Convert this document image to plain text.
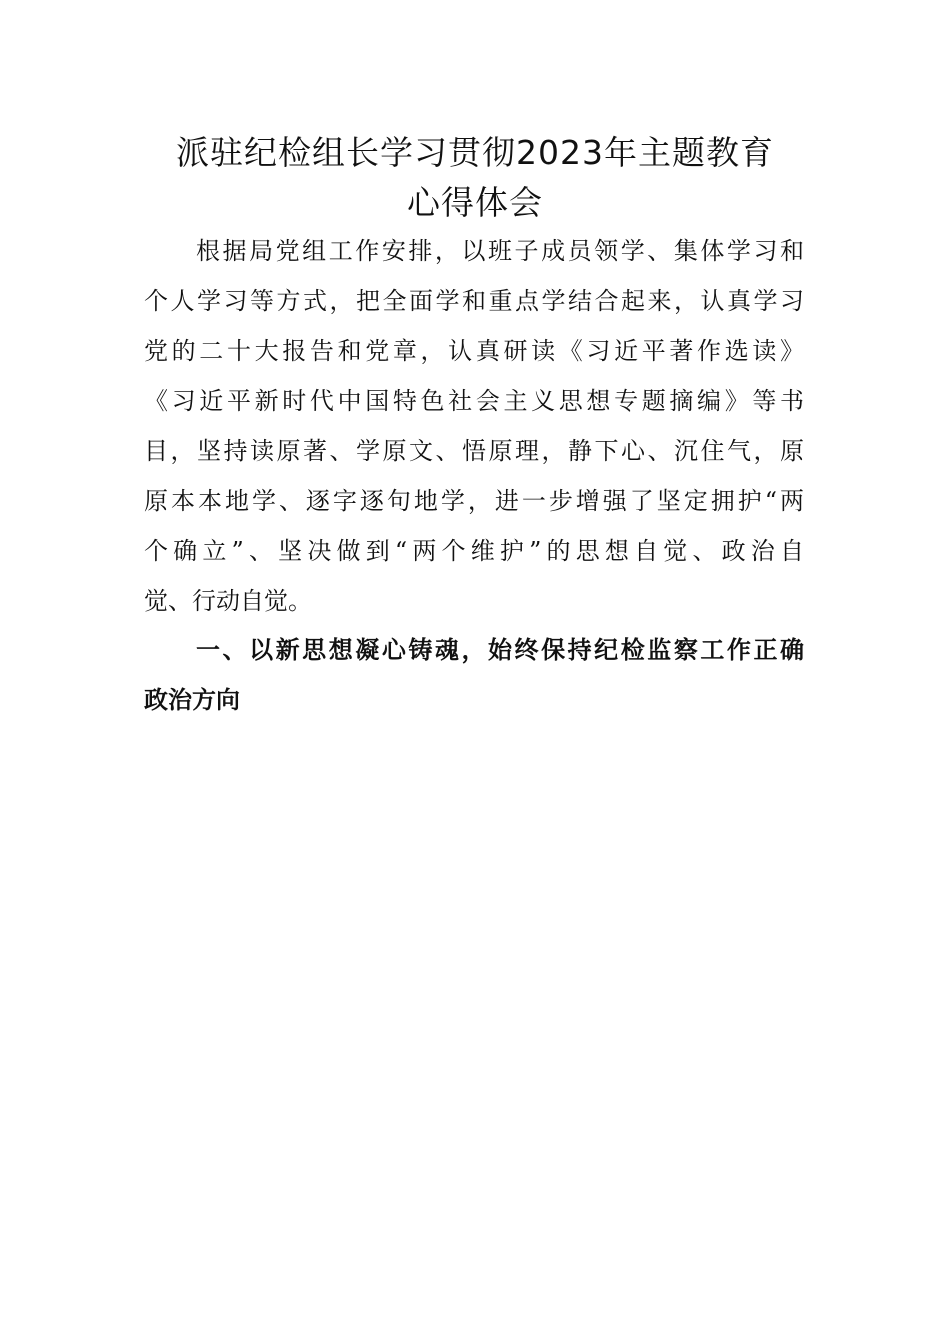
派驻纪检组长学习贯彻2023年主题教育
心得体会
根据局党组工作安排，以班子成员领学、集体学习和
个人学习等方式，把全面学和重点学结合起来，认真学习
党的二十大报告和党章，认真研读《习近平著作选读》
《习近平新时代中国特色社会主义思想专题摘编》等书
目，坚持读原著、学原文、悟原理，静下心、沉住气，原
原本本地学、逐字逐句地学，进一步增强了坚定拥护“两
个确立”、坚决做到“两个维护”的思想自觉、政治自
觉、行动自觉。
一、以新思想凝心铸魂，始终保持纪检监察工作正确
政治方向
